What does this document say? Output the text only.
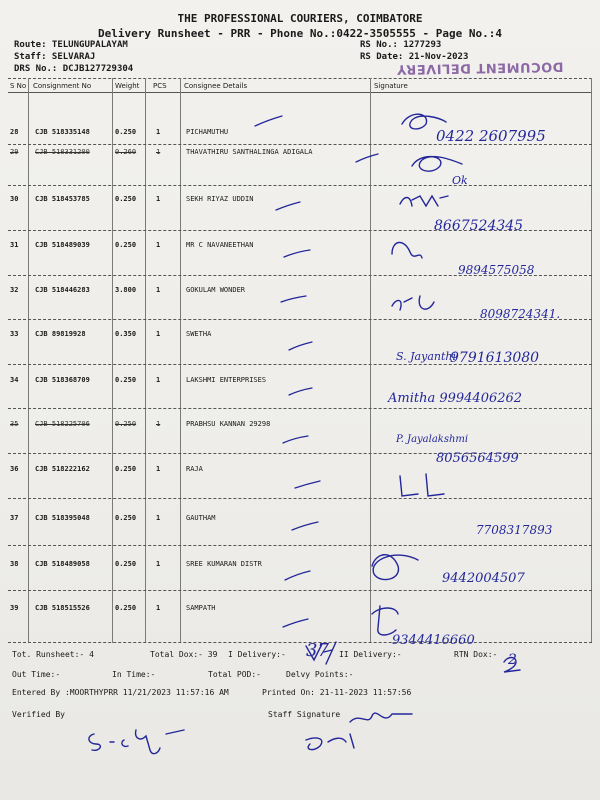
THE PROFESSIONAL COURIERS, COIMBATORE
Delivery Runsheet - PRR - Phone No.:0422-3505555 - Page No.:4
Route: TELUNGUPALAYAM
Staff: SELVARAJ
DRS No.: DCJB127729304
RS No.: 1277293
RS Date: 21-Nov-2023
DOCUMENT DELIVERY
S No Consignment No	Weight PCS Consignee Details	Signature
28 CJB 518335148	0.250	1	PICHAMUTHU
29 CJB 518331200	0.260	1	THAVATHIRU SANTHALINGA ADIGALA
30 CJB 518453785	0.250	1	SEKH RIYAZ UDDIN
31 CJB 518489039	0.250	1	MR C NAVANEETHAN
32 CJB 518446283	3.800	1	GOKULAM WONDER
33 CJB 89819928	0.350	1	SWETHA
34 CJB 518368709	0.250	1	LAKSHMI ENTERPRISES
35 CJB 518225706	0.250	1	PRABHSU KANNAN 29298
36 CJB 518222162	0.250	1	RAJA
37 CJB 518395048	0.250	1	GAUTHAM
38 CJB 518489058	0.250	1	SREE KUMARAN DISTR
39 CJB 518515526	0.250	1	SAMPATH
0422 2607995
Ok
8667524345
9894575058
8098724341.
S. Jayanthi
9791613080
Amitha 9994406262
P. Jayalakshmi
8056564599
7708317893
9442004507
9344416660
Tot. Runsheet:- 4	Total Dox:- 39 I Delivery:- 37 II Delivery:-	RTN Dox:- 2
Out Time:-	In Time:-	Total POD:-	Delvy Points:-
Entered By :MOORTHYPRR 11/21/2023 11:57:16 AM	Printed On: 21-11-2023 11:57:56
Verified By	Staff Signature
